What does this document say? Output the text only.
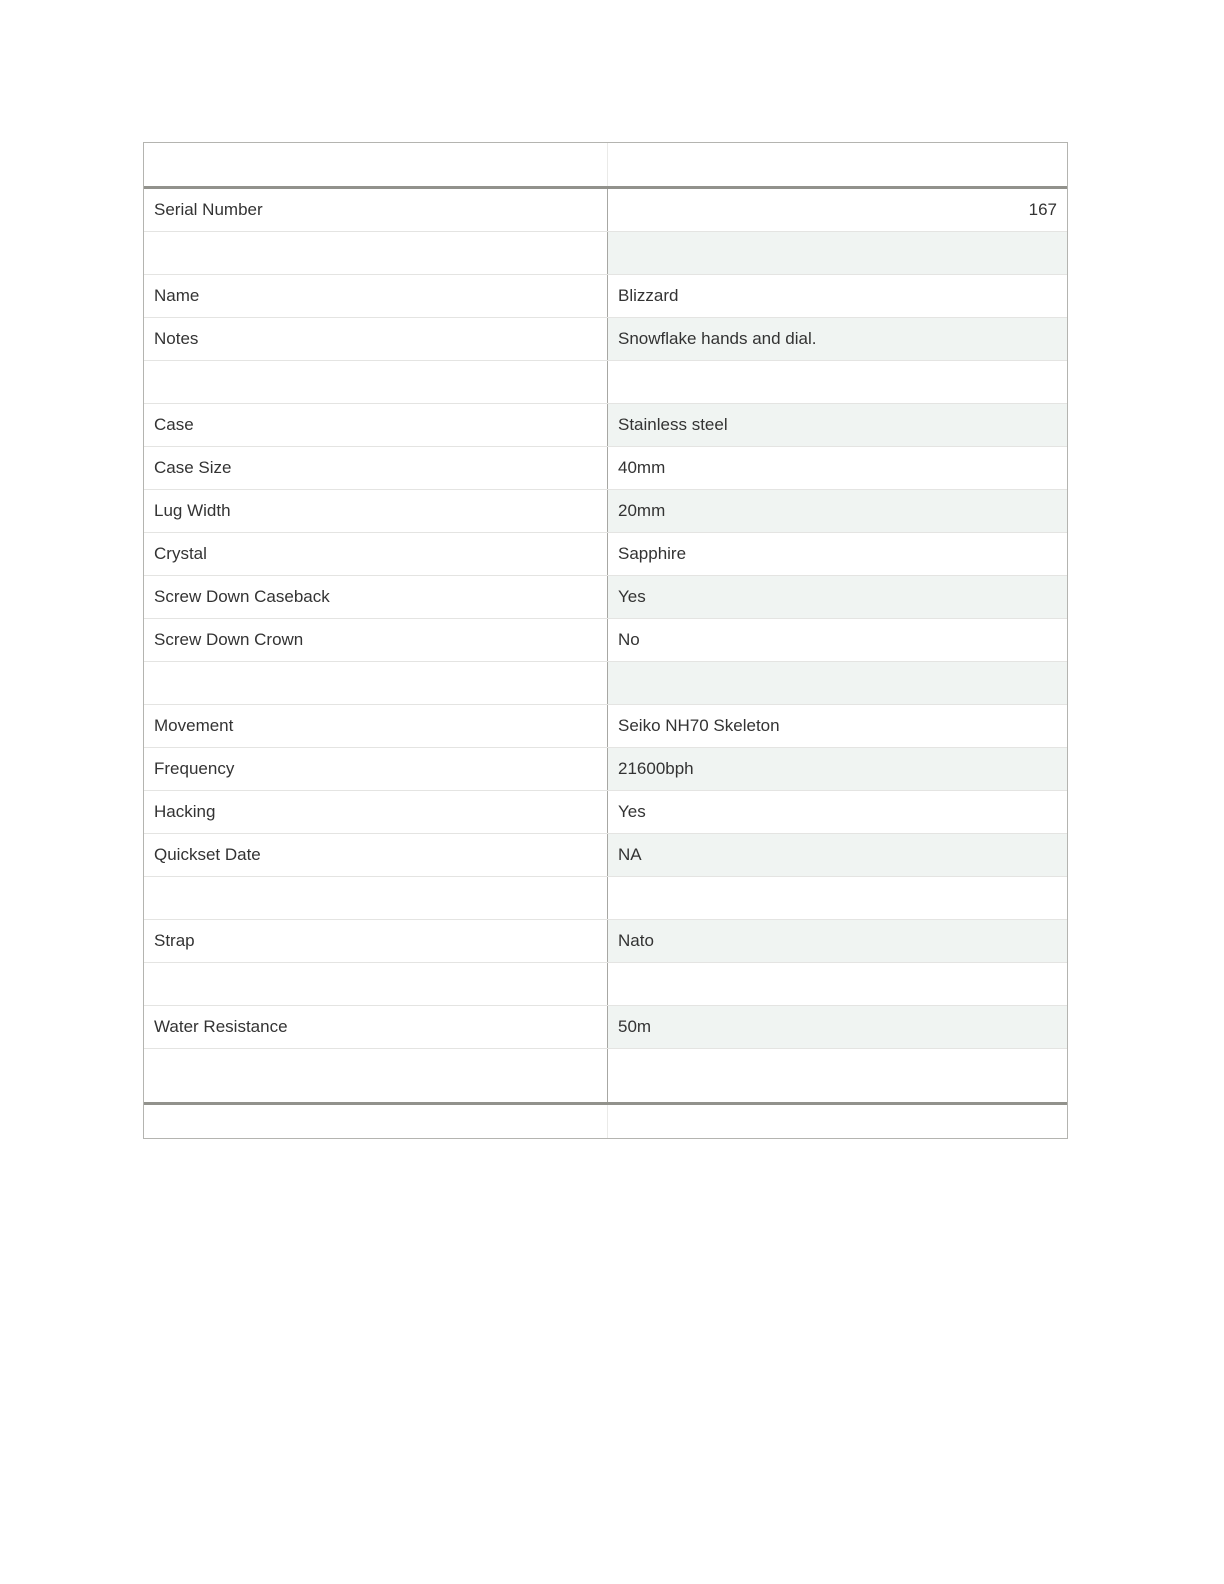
Serial Number	167
Name	Blizzard
Notes	Snowflake hands and dial.
Case	Stainless steel
Case Size	40mm
Lug Width	20mm
Crystal	Sapphire
Screw Down Caseback	Yes
Screw Down Crown	No
Movement	Seiko NH70 Skeleton
Frequency	21600bph
Hacking	Yes
Quickset Date	NA
Strap	Nato
Water Resistance	50m
